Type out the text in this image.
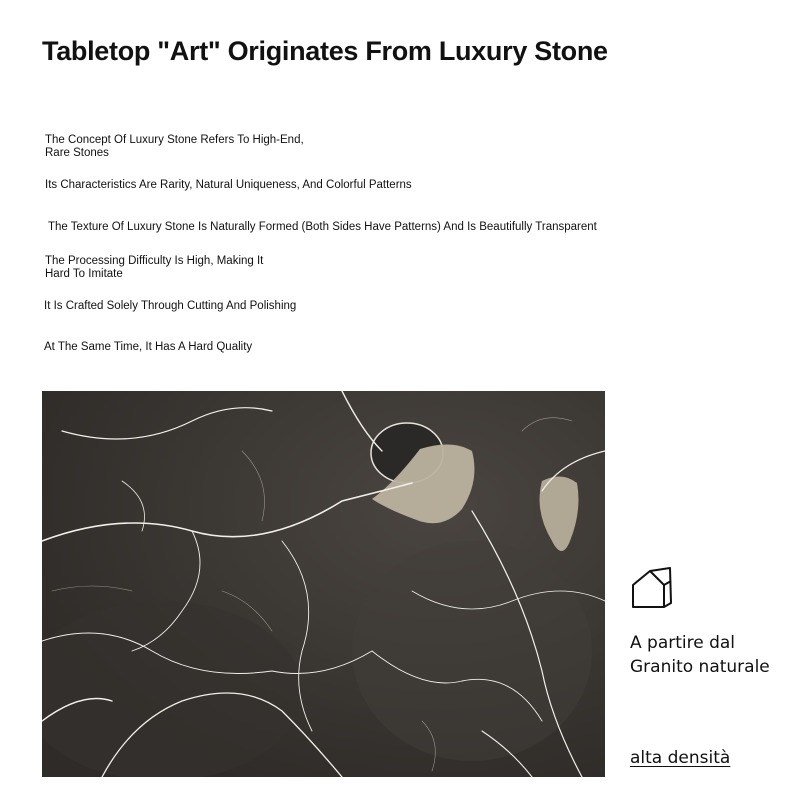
Tabletop "Art" Originates From Luxury Stone
The Concept Of Luxury Stone Refers To High-End,
Rare Stones
Its Characteristics Are Rarity, Natural Uniqueness, And Colorful Patterns
The Texture Of Luxury Stone Is Naturally Formed (Both Sides Have Patterns) And Is Beautifully Transparent
The Processing Difficulty Is High, Making It
Hard To Imitate
It Is Crafted Solely Through Cutting And Polishing
At The Same Time, It Has A Hard Quality
A partire dal
Granito naturale
alta densità
